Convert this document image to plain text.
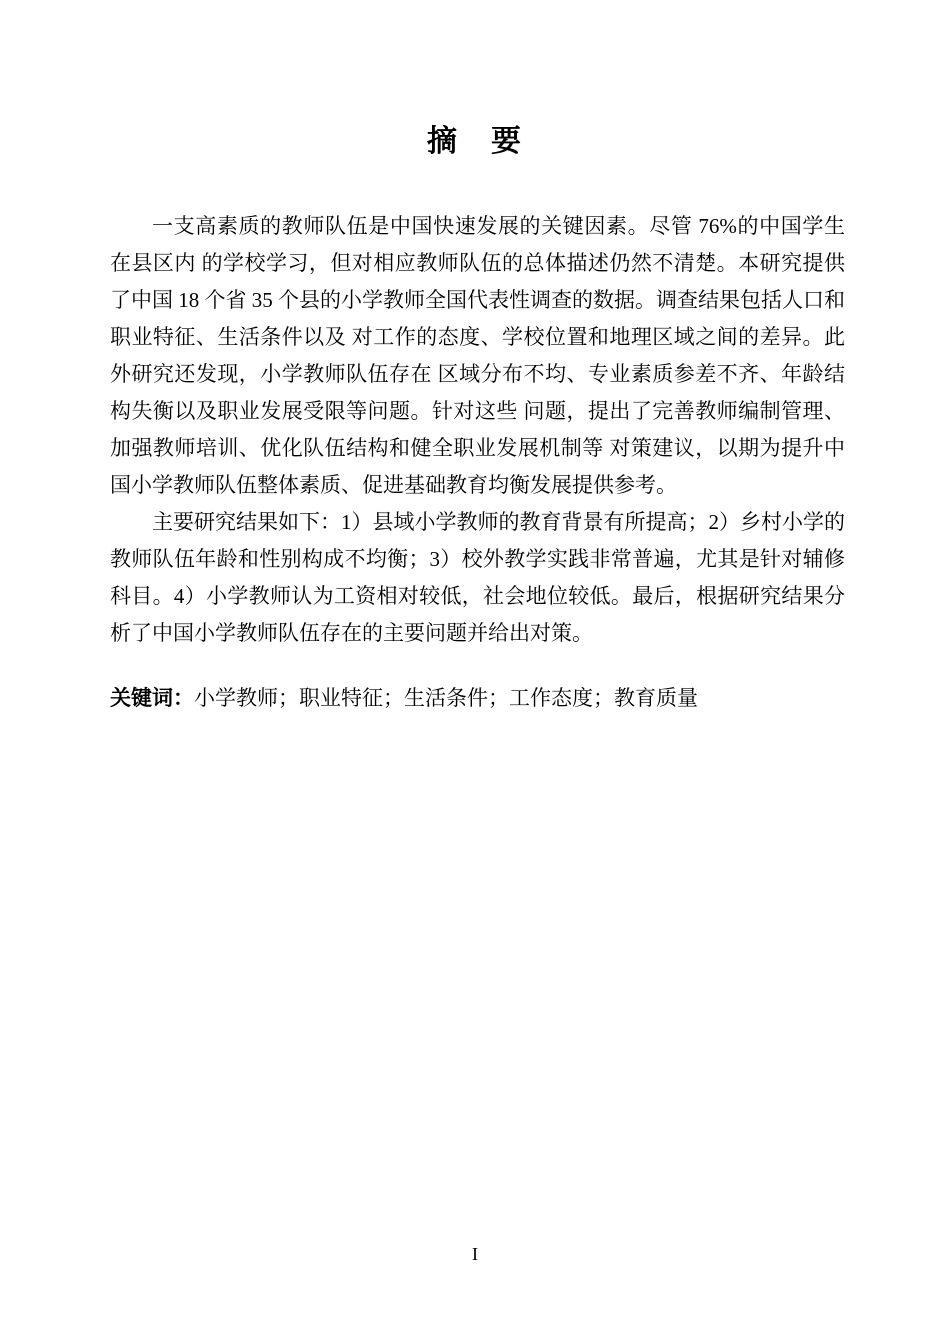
摘　要

一支高素质的教师队伍是中国快速发展的关键因素。尽管 76%的中国学生在县区内 的学校学习，但对相应教师队伍的总体描述仍然不清楚。本研究提供了中国 18 个省 35 个县的小学教师全国代表性调查的数据。调查结果包括人口和职业特征、生活条件以及 对工作的态度、学校位置和地理区域之间的差异。此外研究还发现，小学教师队伍存在 区域分布不均、专业素质参差不齐、年龄结构失衡以及职业发展受限等问题。针对这些 问题，提出了完善教师编制管理、加强教师培训、优化队伍结构和健全职业发展机制等 对策建议，以期为提升中国小学教师队伍整体素质、促进基础教育均衡发展提供参考。

主要研究结果如下：1）县域小学教师的教育背景有所提高；2）乡村小学的教师队伍年龄和性别构成不均衡；3）校外教学实践非常普遍，尤其是针对辅修科目。4）小学教师认为工资相对较低，社会地位较低。最后，根据研究结果分析了中国小学教师队伍存在的主要问题并给出对策。

关键词：小学教师；职业特征；生活条件；工作态度；教育质量

I
